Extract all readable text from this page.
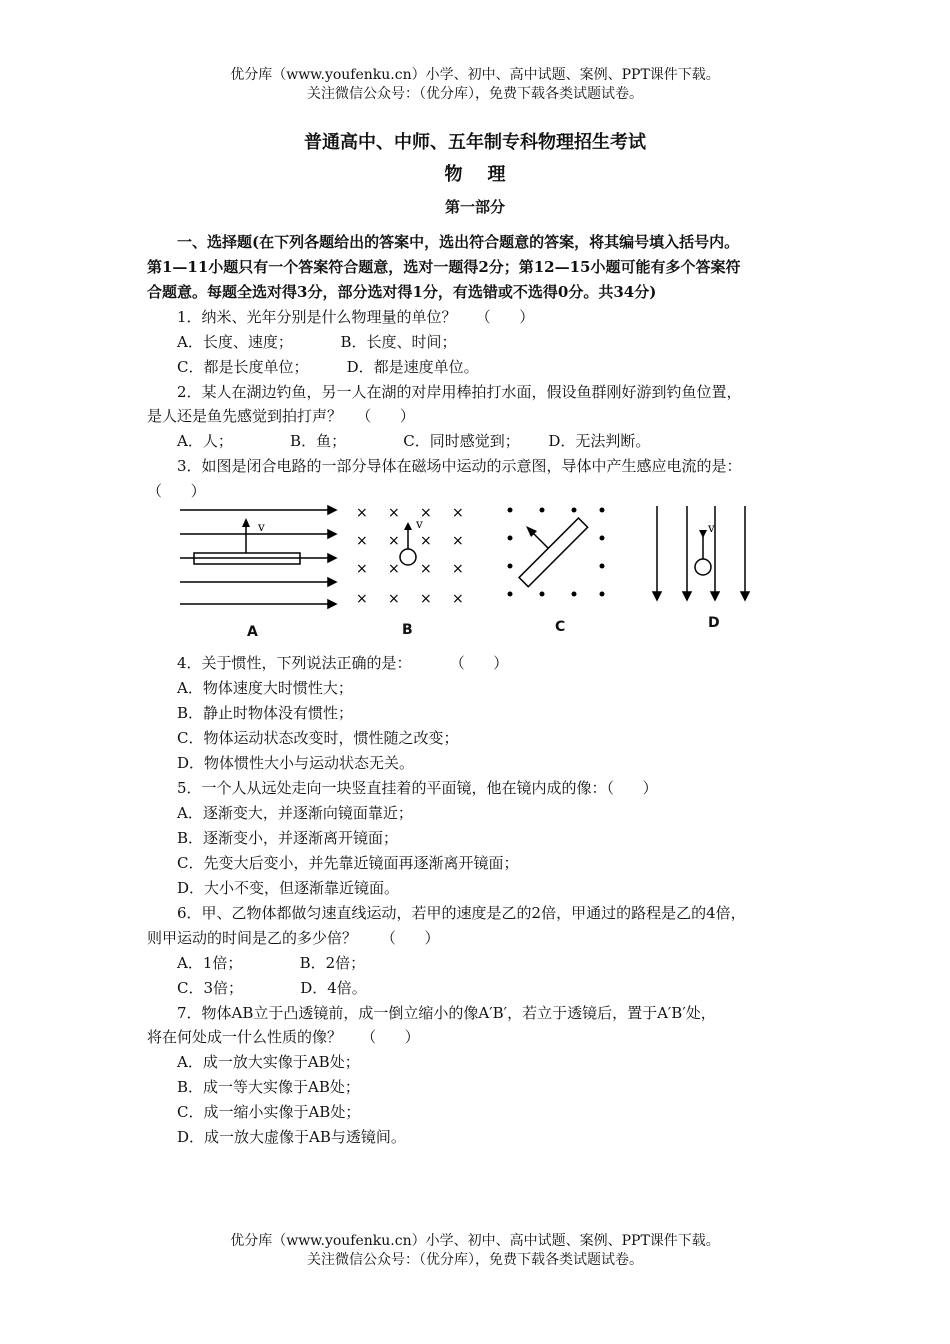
优分库（www.youfenku.cn）小学、初中、高中试题、案例、PPT课件下载。
关注微信公众号：（优分库），免费下载各类试题试卷。
普通高中、中师、五年制专科物理招生考试
物    理
第一部分
一、选择题(在下列各题给出的答案中，选出符合题意的答案，将其编号填入括号内。
第1—11小题只有一个答案符合题意，选对一题得2分；第12—15小题可能有多个答案符
合题意。每题全选对得3分，部分选对得1分，有选错或不选得0分。共34分)
1．纳米、光年分别是什么物理量的单位？    （      ）
A．长度、速度；          B．长度、时间；
C．都是长度单位；        D．都是速度单位。
2．某人在湖边钓鱼，另一人在湖的对岸用棒拍打水面，假设鱼群刚好游到钓鱼位置，
是人还是鱼先感觉到拍打声？   （      ）
A．人；            B．鱼；            C．同时感觉到；      D．无法判断。
3．如图是闭合电路的一部分导体在磁场中运动的示意图，导体中产生感应电流的是：
（      ）
v
× × × ×
× × × ×
× × × ×
× × × ×
v	v
A	B	C	D
4．关于惯性，下列说法正确的是：        （      ）
A．物体速度大时惯性大；
B．静止时物体没有惯性；
C．物体运动状态改变时，惯性随之改变；
D．物体惯性大小与运动状态无关。
5．一个人从远处走向一块竖直挂着的平面镜，他在镜内成的像：（      ）
A．逐渐变大，并逐渐向镜面靠近；
B．逐渐变小，并逐渐离开镜面；
C．先变大后变小，并先靠近镜面再逐渐离开镜面；
D．大小不变，但逐渐靠近镜面。
6．甲、乙物体都做匀速直线运动，若甲的速度是乙的2倍，甲通过的路程是乙的4倍，
则甲运动的时间是乙的多少倍？     （      ）
A．1倍；            B．2倍；
C．3倍；            D．4倍。
7．物体AB立于凸透镜前，成一倒立缩小的像A′B′，若立于透镜后，置于A′B′处，
将在何处成一什么性质的像？    （      ）
A．成一放大实像于AB处；
B．成一等大实像于AB处；
C．成一缩小实像于AB处；
D．成一放大虚像于AB与透镜间。
优分库（www.youfenku.cn）小学、初中、高中试题、案例、PPT课件下载。
关注微信公众号：（优分库），免费下载各类试题试卷。
